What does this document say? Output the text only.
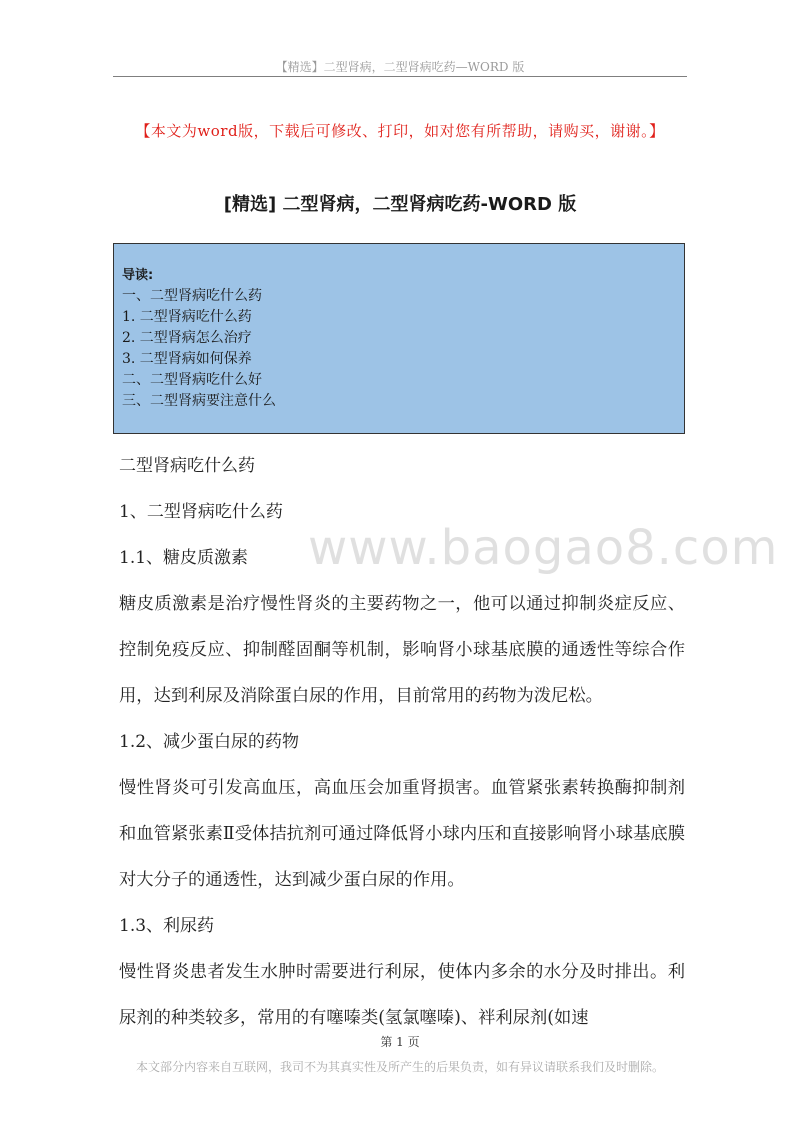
【精选】二型肾病，二型肾病吃药—WORD 版
【本文为word版，下载后可修改、打印，如对您有所帮助，请购买，谢谢。】
[精选] 二型肾病，二型肾病吃药-WORD 版
导读:
一、二型肾病吃什么药
1. 二型肾病吃什么药
2. 二型肾病怎么治疗
3. 二型肾病如何保养
二、二型肾病吃什么好
三、二型肾病要注意什么
www.baogao8.com
二型肾病吃什么药
1、二型肾病吃什么药
1.1、糖皮质激素

糖皮质激素是治疗慢性肾炎的主要药物之一，他可以通过抑制炎症反应、控制免疫反应、抑制醛固酮等机制，影响肾小球基底膜的通透性等综合作用，达到利尿及消除蛋白尿的作用，目前常用的药物为泼尼松。

1.2、减少蛋白尿的药物

慢性肾炎可引发高血压，高血压会加重肾损害。血管紧张素转换酶抑制剂和血管紧张素Ⅱ受体拮抗剂可通过降低肾小球内压和直接影响肾小球基底膜对大分子的通透性，达到减少蛋白尿的作用。

1.3、利尿药

慢性肾炎患者发生水肿时需要进行利尿，使体内多余的水分及时排出。利尿剂的种类较多，常用的有噻嗪类(氢氯噻嗪)、袢利尿剂(如速

第 1 页
本文部分内容来自互联网，我司不为其真实性及所产生的后果负责，如有异议请联系我们及时删除。
